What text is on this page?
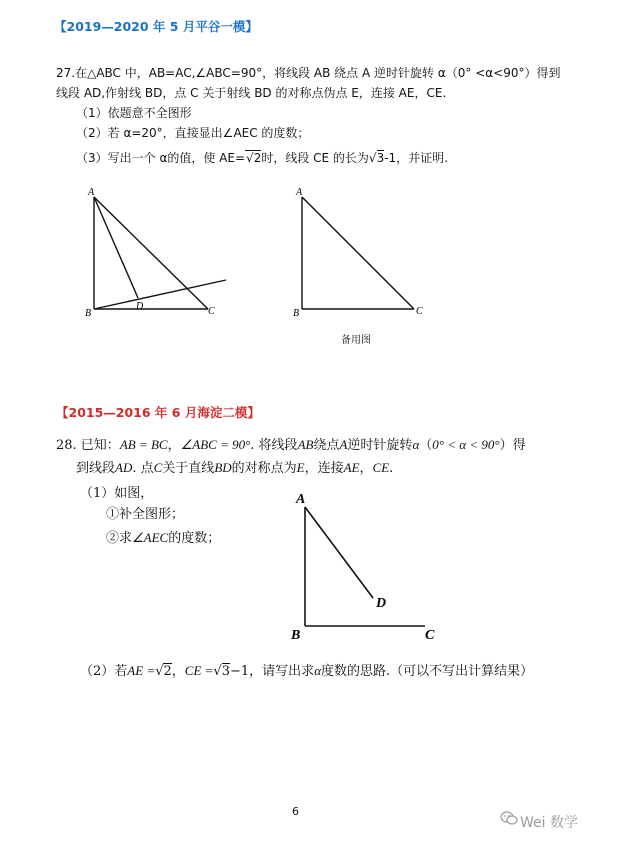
【2019—2020 年 5 月平谷一模】
27.在△ABC 中，AB=AC,∠ABC=90°，将线段 AB 绕点 A 逆时针旋转 α（0° <α<90°）得到
线段 AD,作射线 BD，点 C 关于射线 BD 的对称点伪点 E，连接 AE，CE.
（1）依题意不全图形
（2）若 α=20°，直接显出∠AEC 的度数；
（3）写出一个 α的值，使 AE=√2时，线段 CE 的长为√3-1，并证明.
A
B	C
D
A
B	C
备用图
【2015—2016 年 6 月海淀二模】
28. 已知：AB = BC，∠ABC = 90°. 将线段AB绕点A逆时针旋转α（0° < α < 90°）得
到线段AD. 点C关于直线BD的对称点为E，连接AE，CE.
（1）如图，
①补全图形；
②求∠AEC的度数；
A
B	C
D
（2）若AE =√2，CE =√3−1，请写出求α度数的思路.（可以不写出计算结果）
6
Wei 数学
